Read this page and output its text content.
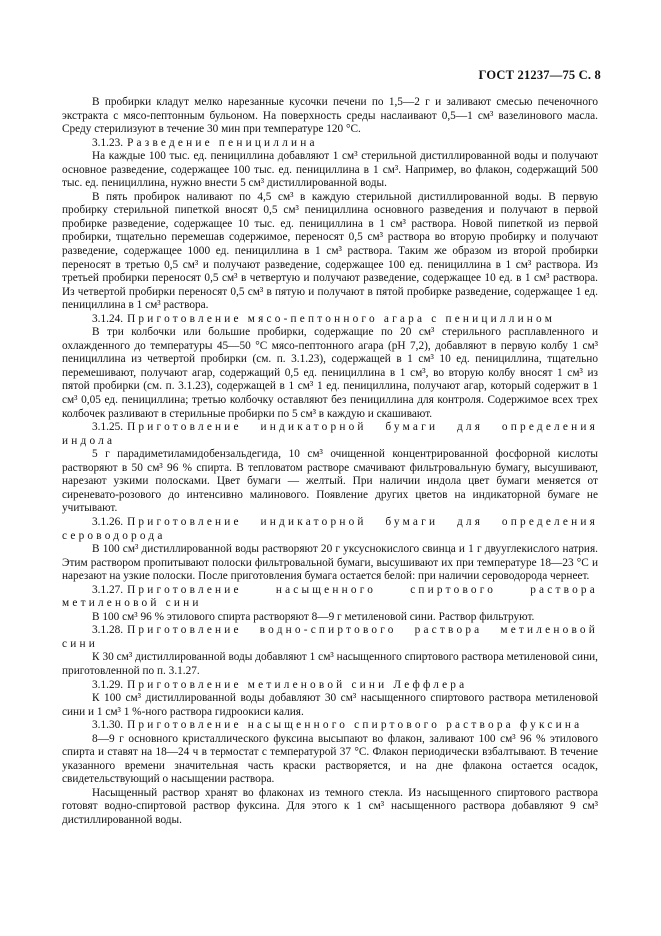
ГОСТ 21237—75 С. 8

В пробирки кладут мелко нарезанные кусочки печени по 1,5—2 г и заливают смесью печеночного экстракта с мясо-пептонным бульоном. На поверхность среды наслаивают 0,5—1 см³ вазелинового масла. Среду стерилизуют в течение 30 мин при температуре 120 °С.

3.1.23. Разведение пенициллина

На каждые 100 тыс. ед. пенициллина добавляют 1 см³ стерильной дистиллированной воды и получают основное разведение, содержащее 100 тыс. ед. пенициллина в 1 см³. Например, во флакон, содержащий 500 тыс. ед. пенициллина, нужно внести 5 см³ дистиллированной воды.

В пять пробирок наливают по 4,5 см³ в каждую стерильной дистиллированной воды. В первую пробирку стерильной пипеткой вносят 0,5 см³ пенициллина основного разведения и получают в первой пробирке разведение, содержащее 10 тыс. ед. пенициллина в 1 см³ раствора. Новой пипеткой из первой пробирки, тщательно перемешав содержимое, переносят 0,5 см³ раствора во вторую пробирку и получают разведение, содержащее 1000 ед. пенициллина в 1 см³ раствора. Таким же образом из второй пробирки переносят в третью 0,5 см³ и получают разведение, содержащее 100 ед. пенициллина в 1 см³ раствора. Из третьей пробирки переносят 0,5 см³ в четвертую и получают разведение, содержащее 10 ед. в 1 см³ раствора. Из четвертой пробирки переносят 0,5 см³ в пятую и получают в пятой пробирке разведение, содержащее 1 ед. пенициллина в 1 см³ раствора.

3.1.24. Приготовление мясо-пептонного агара с пенициллином

В три колбочки или большие пробирки, содержащие по 20 см³ стерильного расплавленного и охлажденного до температуры 45—50 °С мясо-пептонного агара (рН 7,2), добавляют в первую колбу 1 см³ пенициллина из четвертой пробирки (см. п. 3.1.23), содержащей в 1 см³ 10 ед. пенициллина, тщательно перемешивают, получают агар, содержащий 0,5 ед. пенициллина в 1 см³, во вторую колбу вносят 1 см³ из пятой пробирки (см. п. 3.1.23), содержащей в 1 см³ 1 ед. пенициллина, получают агар, который содержит в 1 см³ 0,05 ед. пенициллина; третью колбочку оставляют без пенициллина для контроля. Содержимое всех трех колбочек разливают в стерильные пробирки по 5 см³ в каждую и скашивают.

3.1.25. Приготовление индикаторной бумаги для определения индола

5 г парадиметиламидобензальдегида, 10 см³ очищенной концентрированной фосфорной кислоты растворяют в 50 см³ 96 % спирта. В тепловатом растворе смачивают фильтровальную бумагу, высушивают, нарезают узкими полосками. Цвет бумаги — желтый. При наличии индола цвет бумаги меняется от сиреневато-розового до интенсивно малинового. Появление других цветов на индикаторной бумаге не учитывают.

3.1.26. Приготовление индикаторной бумаги для определения сероводорода

В 100 см³ дистиллированной воды растворяют 20 г уксуснокислого свинца и 1 г двууглекислого натрия. Этим раствором пропитывают полоски фильтровальной бумаги, высушивают их при температуре 18—23 °С и нарезают на узкие полоски. После приготовления бумага остается белой: при наличии сероводорода чернеет.

3.1.27. Приготовление насыщенного спиртового раствора метиленовой сини

В 100 см³ 96 % этилового спирта растворяют 8—9 г метиленовой сини. Раствор фильтруют.

3.1.28. Приготовление водно-спиртового раствора метиленовой сини

К 30 см³ дистиллированной воды добавляют 1 см³ насыщенного спиртового раствора метиленовой сини, приготовленной по п. 3.1.27.

3.1.29. Приготовление метиленовой сини Леффлера

К 100 см³ дистиллированной воды добавляют 30 см³ насыщенного спиртового раствора метиленовой сини и 1 см³ 1 %-ного раствора гидроокиси калия.

3.1.30. Приготовление насыщенного спиртового раствора фуксина

8—9 г основного кристаллического фуксина высыпают во флакон, заливают 100 см³ 96 % этилового спирта и ставят на 18—24 ч в термостат с температурой 37 °С. Флакон периодически взбалтывают. В течение указанного времени значительная часть краски растворяется, и на дне флакона остается осадок, свидетельствующий о насыщении раствора.

Насыщенный раствор хранят во флаконах из темного стекла. Из насыщенного спиртового раствора готовят водно-спиртовой раствор фуксина. Для этого к 1 см³ насыщенного раствора добавляют 9 см³ дистиллированной воды.
